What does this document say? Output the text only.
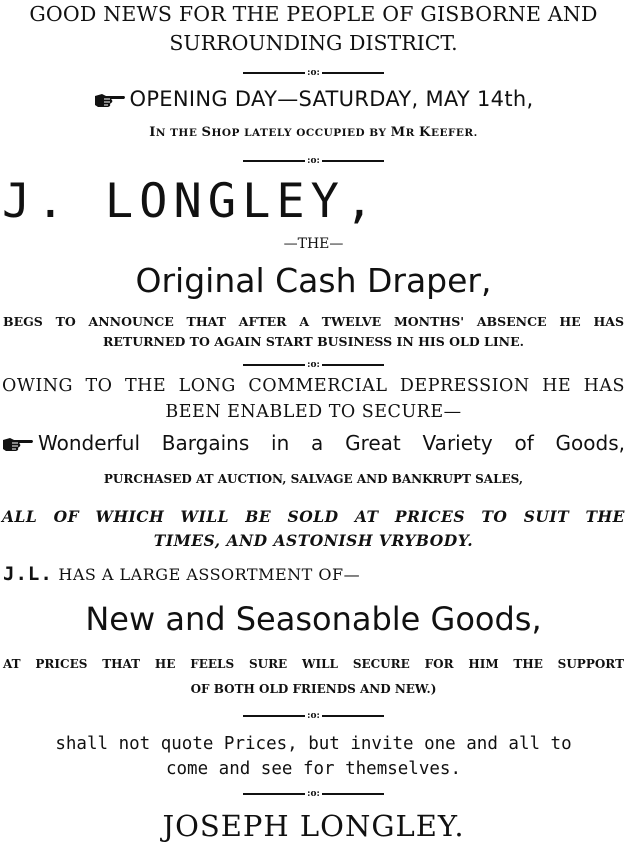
GOOD NEWS FOR THE PEOPLE OF GISBORNE AND
SURROUNDING DISTRICT.
:o:
OPENING DAY—SATURDAY, MAY 14th,
IN THE SHOP LATELY OCCUPIED BY MR KEEFER.
:o:
J. LONGLEY,
—THE—
Original Cash Draper,
BEGS TO ANNOUNCE THAT AFTER A TWELVE MONTHS' ABSENCE HE HAS
RETURNED TO AGAIN START BUSINESS IN HIS OLD LINE.
:o:
OWING TO THE LONG COMMERCIAL DEPRESSION HE HAS
BEEN ENABLED TO SECURE—
Wonderful Bargains in a Great Variety of Goods,
PURCHASED AT AUCTION, SALVAGE AND BANKRUPT SALES,
ALL OF WHICH WILL BE SOLD AT PRICES TO SUIT THE
TIMES, AND ASTONISH VRYBODY.
J.L. HAS A LARGE ASSORTMENT OF—
New and Seasonable Goods,
AT PRICES THAT HE FEELS SURE WILL SECURE FOR HIM THE SUPPORT
OF BOTH OLD FRIENDS AND NEW.)
:o:
shall not quote Prices, but invite one and all to
come and see for themselves.
:o:
JOSEPH LONGLEY.
